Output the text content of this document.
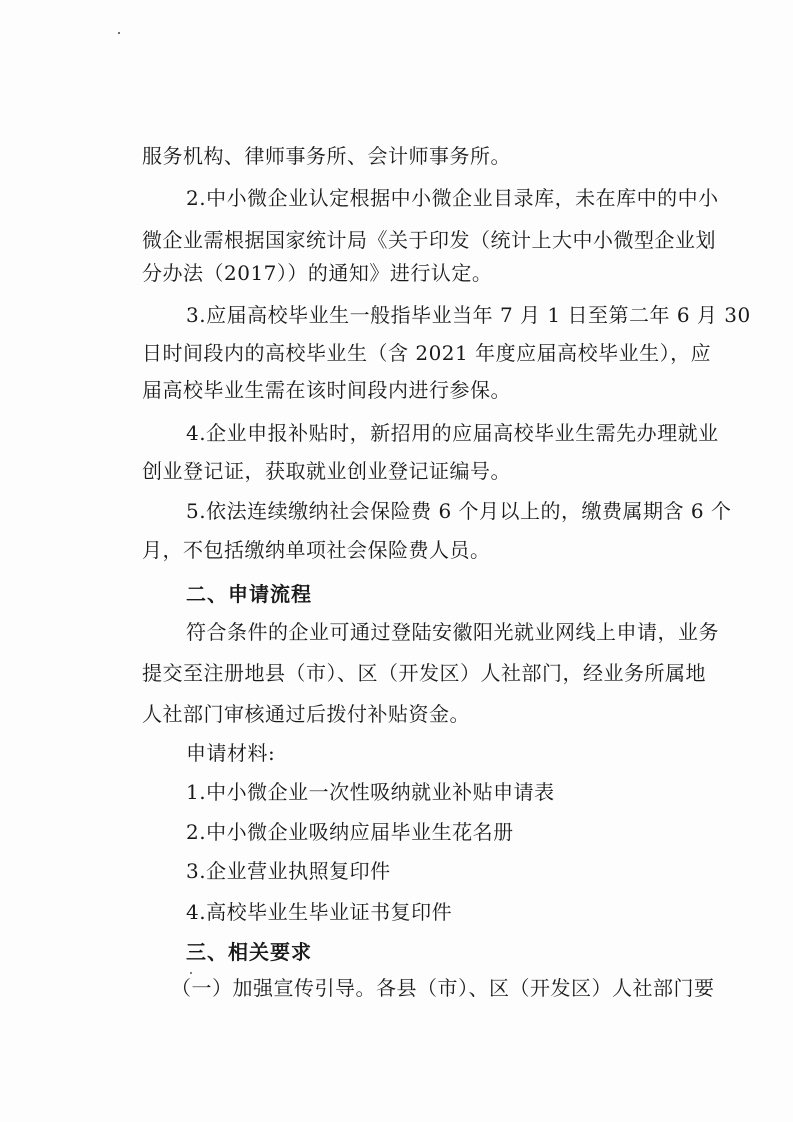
服务机构、律师事务所、会计师事务所。
2.中小微企业认定根据中小微企业目录库，未在库中的中小
微企业需根据国家统计局《关于印发（统计上大中小微型企业划
分办法（2017））的通知》进行认定。
3.应届高校毕业生一般指毕业当年 7 月 1 日至第二年 6 月 30
日时间段内的高校毕业生（含 2021 年度应届高校毕业生），应
届高校毕业生需在该时间段内进行参保。
4.企业申报补贴时，新招用的应届高校毕业生需先办理就业
创业登记证，获取就业创业登记证编号。
5.依法连续缴纳社会保险费 6 个月以上的，缴费属期含 6 个
月，不包括缴纳单项社会保险费人员。
二、申请流程
符合条件的企业可通过登陆安徽阳光就业网线上申请，业务
提交至注册地县（市）、区（开发区）人社部门，经业务所属地
人社部门审核通过后拨付补贴资金。
申请材料:
1.中小微企业一次性吸纳就业补贴申请表
2.中小微企业吸纳应届毕业生花名册
3.企业营业执照复印件
4.高校毕业生毕业证书复印件
三、相关要求
（一）加强宣传引导。各县（市）、区（开发区）人社部门要
